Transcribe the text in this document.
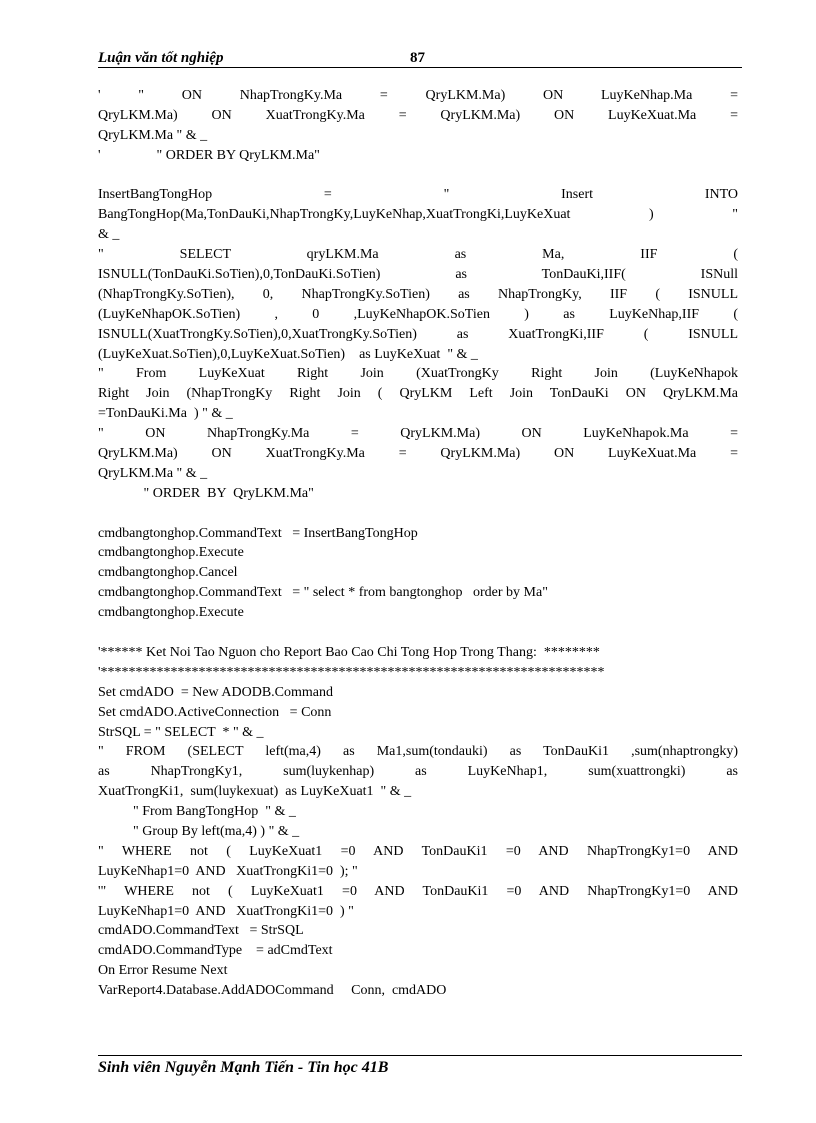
Luận văn tốt nghiệp	87
' " ON NhapTrongKy.Ma = QryLKM.Ma) ON LuyKeNhap.Ma =
QryLKM.Ma) ON XuatTrongKy.Ma = QryLKM.Ma) ON LuyKeXuat.Ma =
QryLKM.Ma " & _
'                " ORDER BY QryLKM.Ma"
InsertBangTongHop = " Insert INTO
BangTongHop(Ma,TonDauKi,NhapTrongKy,LuyKeNhap,XuatTrongKi,LuyKeXuat ) "
& _
" SELECT qryLKM.Ma as Ma, IIF (
ISNULL(TonDauKi.SoTien),0,TonDauKi.SoTien) as TonDauKi,IIF( ISNull
(NhapTrongKy.SoTien), 0, NhapTrongKy.SoTien) as NhapTrongKy, IIF ( ISNULL
(LuyKeNhapOK.SoTien) , 0 ,LuyKeNhapOK.SoTien ) as LuyKeNhap,IIF (
ISNULL(XuatTrongKy.SoTien),0,XuatTrongKy.SoTien) as XuatTrongKi,IIF ( ISNULL
(LuyKeXuat.SoTien),0,LuyKeXuat.SoTien)    as LuyKeXuat  " & _
" From LuyKeXuat Right Join (XuatTrongKy Right Join (LuyKeNhapok
Right Join (NhapTrongKy Right Join ( QryLKM Left Join TonDauKi ON QryLKM.Ma
=TonDauKi.Ma  ) " & _
" ON NhapTrongKy.Ma = QryLKM.Ma) ON LuyKeNhapok.Ma =
QryLKM.Ma) ON XuatTrongKy.Ma = QryLKM.Ma) ON LuyKeXuat.Ma =
QryLKM.Ma " & _
" ORDER  BY  QryLKM.Ma"
cmdbangtonghop.CommandText   = InsertBangTongHop
cmdbangtonghop.Execute
cmdbangtonghop.Cancel
cmdbangtonghop.CommandText   = " select * from bangtonghop   order by Ma"
cmdbangtonghop.Execute
'****** Ket Noi Tao Nguon cho Report Bao Cao Chi Tong Hop Trong Thang:  ********
'************************************************************************
Set cmdADO  = New ADODB.Command
Set cmdADO.ActiveConnection   = Conn
StrSQL = " SELECT  * " & _
" FROM (SELECT left(ma,4) as Ma1,sum(tondauki) as TonDauKi1 ,sum(nhaptrongky)
as NhapTrongKy1, sum(luykenhap) as LuyKeNhap1, sum(xuattrongki) as
XuatTrongKi1,  sum(luykexuat)  as LuyKeXuat1  " & _
" From BangTongHop  " & _
" Group By left(ma,4) ) " & _
" WHERE not ( LuyKeXuat1 =0 AND TonDauKi1 =0 AND NhapTrongKy1=0 AND
LuyKeNhap1=0  AND   XuatTrongKi1=0  ); "
'" WHERE not ( LuyKeXuat1 =0 AND TonDauKi1 =0 AND NhapTrongKy1=0 AND
LuyKeNhap1=0  AND   XuatTrongKi1=0  ) "
cmdADO.CommandText   = StrSQL
cmdADO.CommandType    = adCmdText
On Error Resume Next
VarReport4.Database.AddADOCommand     Conn,  cmdADO
Sinh viên Nguyễn Mạnh Tiến - Tin học 41B
